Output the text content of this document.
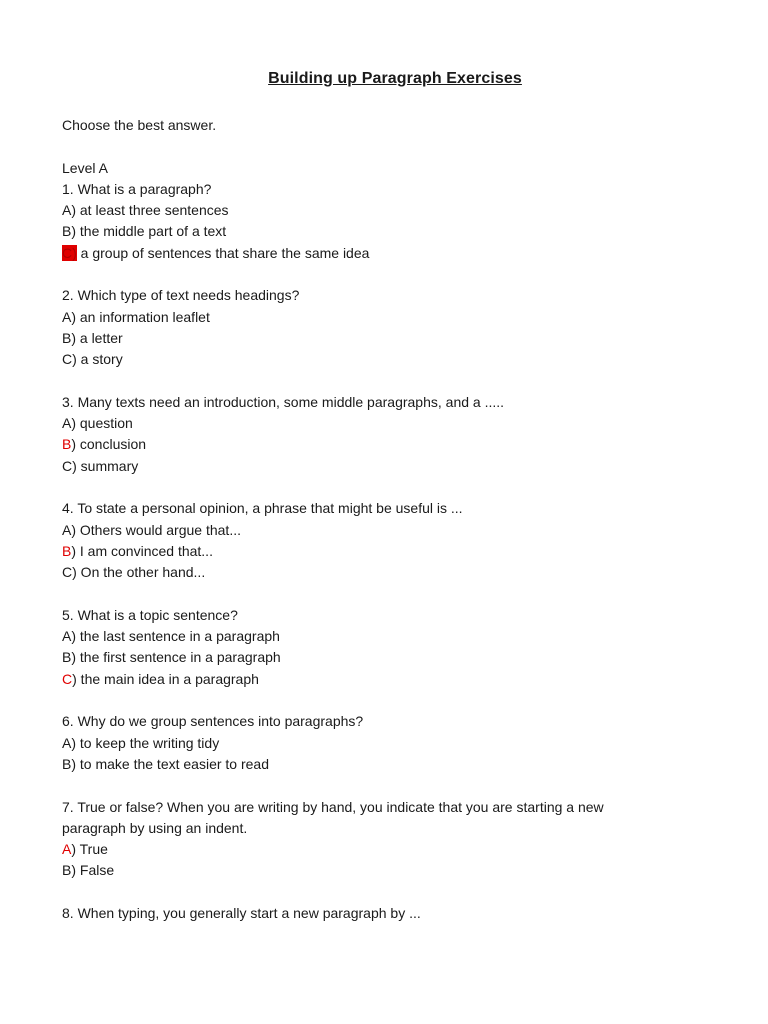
Building up Paragraph Exercises
Choose the best answer.
Level A
1. What is a paragraph?
A) at least three sentences
B) the middle part of a text
C) a group of sentences that share the same idea
2. Which type of text needs headings?
A) an information leaflet
B) a letter
C) a story
3. Many texts need an introduction, some middle paragraphs, and a .....
A) question
B) conclusion
C) summary
4. To state a personal opinion, a phrase that might be useful is ...
A) Others would argue that...
B) I am convinced that...
C) On the other hand...
5. What is a topic sentence?
A) the last sentence in a paragraph
B) the first sentence in a paragraph
C) the main idea in a paragraph
6. Why do we group sentences into paragraphs?
A) to keep the writing tidy
B) to make the text easier to read
7. True or false? When you are writing by hand, you indicate that you are starting a new
paragraph by using an indent.
A) True
B) False
8. When typing, you generally start a new paragraph by ...
